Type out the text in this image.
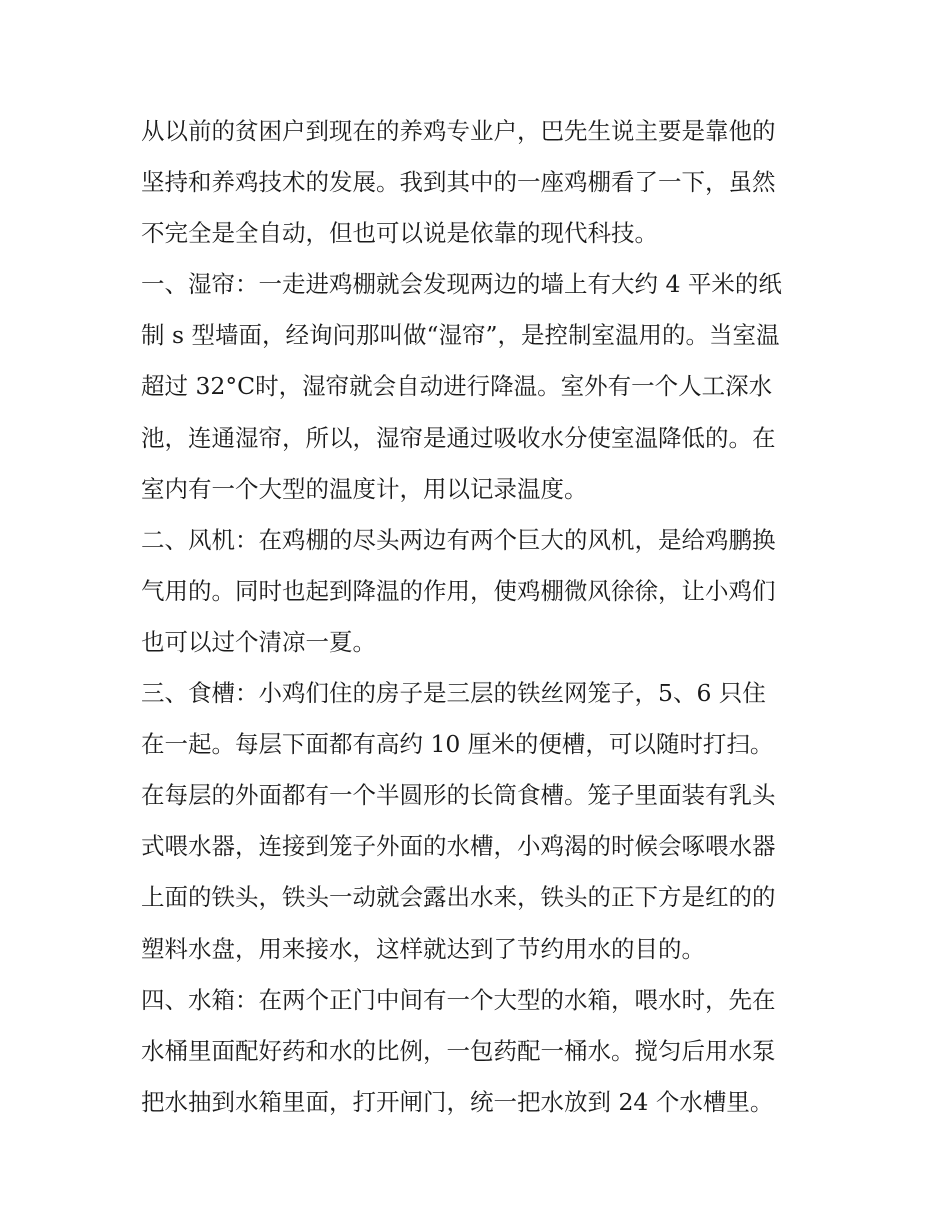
从以前的贫困户到现在的养鸡专业户，巴先生说主要是靠他的
坚持和养鸡技术的发展。我到其中的一座鸡棚看了一下，虽然
不完全是全自动，但也可以说是依靠的现代科技。
一、湿帘：一走进鸡棚就会发现两边的墙上有大约 4 平米的纸
制 s 型墙面，经询问那叫做“湿帘”，是控制室温用的。当室温
超过 32°C时，湿帘就会自动进行降温。室外有一个人工深水
池，连通湿帘，所以，湿帘是通过吸收水分使室温降低的。在
室内有一个大型的温度计，用以记录温度。
二、风机：在鸡棚的尽头两边有两个巨大的风机，是给鸡鹏换
气用的。同时也起到降温的作用，使鸡棚微风徐徐，让小鸡们
也可以过个清凉一夏。
三、食槽：小鸡们住的房子是三层的铁丝网笼子，5、6 只住
在一起。每层下面都有高约 10 厘米的便槽，可以随时打扫。
在每层的外面都有一个半圆形的长筒食槽。笼子里面装有乳头
式喂水器，连接到笼子外面的水槽，小鸡渴的时候会啄喂水器
上面的铁头，铁头一动就会露出水来，铁头的正下方是红的的
塑料水盘，用来接水，这样就达到了节约用水的目的。
四、水箱：在两个正门中间有一个大型的水箱，喂水时，先在
水桶里面配好药和水的比例，一包药配一桶水。搅匀后用水泵
把水抽到水箱里面，打开闸门，统一把水放到 24 个水槽里。
